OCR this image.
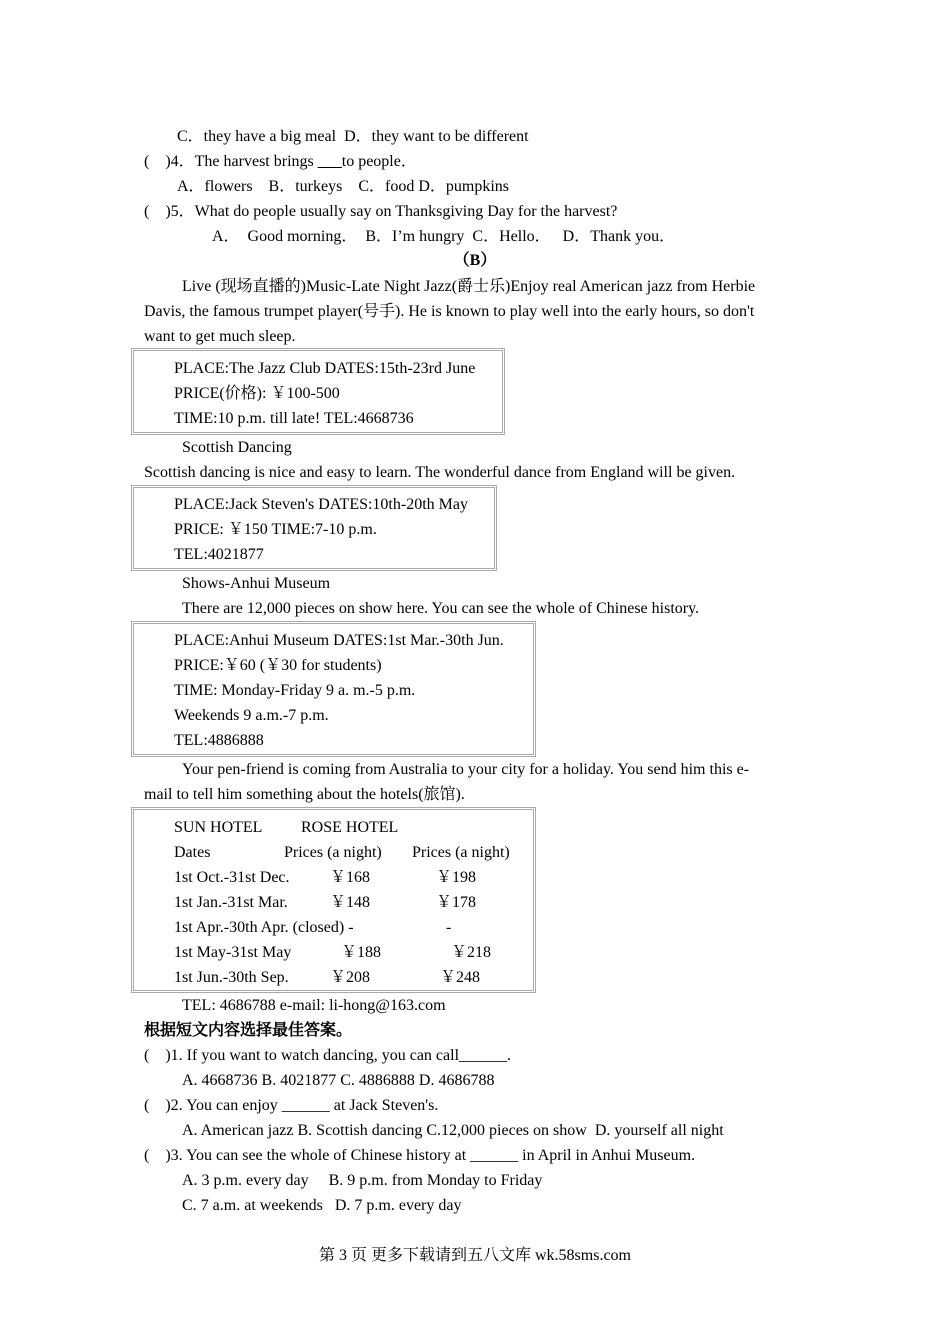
C．they have a big meal  D．they want to be different
(    )4．The harvest brings ___to people．
A．flowers    B．turkeys    C．food D．pumpkins
(    )5．What do people usually say on Thanksgiving Day for the harvest?
A．  Good morning．  B．I’m hungry  C．Hello．   D．Thank you．
（B）
Live (现场直播的)Music-Late Night Jazz(爵士乐)Enjoy real American jazz from Herbie
Davis, the famous trumpet player(号手). He is known to play well into the early hours, so don't
want to get much sleep.
PLACE:The Jazz Club DATES:15th-23rd June
PRICE(价格): ￥100-500
TIME:10 p.m. till late! TEL:4668736
Scottish Dancing
Scottish dancing is nice and easy to learn. The wonderful dance from England will be given.
PLACE:Jack Steven's DATES:10th-20th May
PRICE: ￥150 TIME:7-10 p.m.
TEL:4021877
Shows-Anhui Museum
There are 12,000 pieces on show here. You can see the whole of Chinese history.
PLACE:Anhui Museum DATES:1st Mar.-30th Jun.
PRICE:￥60 (￥30 for students)
TIME: Monday-Friday 9 a. m.-5 p.m.
Weekends 9 a.m.-7 p.m.
TEL:4886888
Your pen-friend is coming from Australia to your city for a holiday. You send him this e-
mail to tell him something about the hotels(旅馆).
SUN HOTEL ROSE HOTEL
Dates	Prices (a night) Prices (a night)
1st Oct.-31st Dec.	￥168	￥198
1st Jan.-31st Mar.	￥148	￥178
1st Apr.-30th Apr. (closed) -	-
1st May-31st May	￥188	￥218
1st Jun.-30th Sep.	￥208	￥248
TEL: 4686788 e-mail: li-hong@163.com
根据短文内容选择最佳答案。
(    )1. If you want to watch dancing, you can call______.
A. 4668736 B. 4021877 C. 4886888 D. 4686788
(    )2. You can enjoy ______ at Jack Steven's.
A. American jazz B. Scottish dancing C.12,000 pieces on show  D. yourself all night
(    )3. You can see the whole of Chinese history at ______ in April in Anhui Museum.
A. 3 p.m. every day     B. 9 p.m. from Monday to Friday
C. 7 a.m. at weekends   D. 7 p.m. every day
第 3 页 更多下载请到五八文库 wk.58sms.com
